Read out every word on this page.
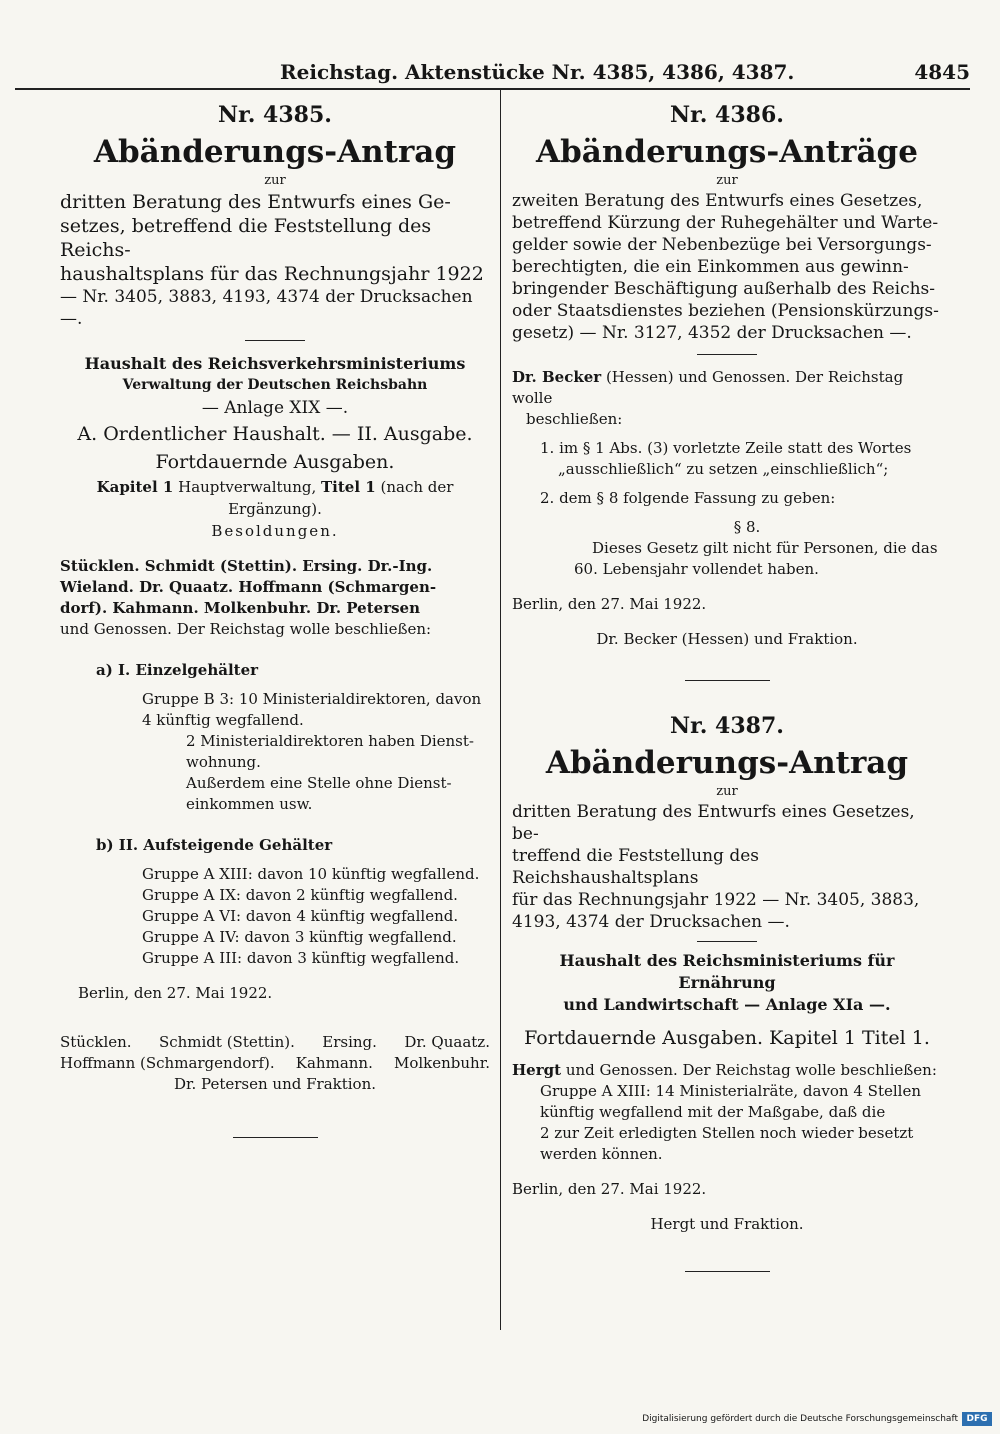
Reichstag. Aktenstücke Nr. 4385, 4386, 4387.	4845
Nr. 4385.
Abänderungs-Antrag
zur
dritten Beratung des Entwurfs eines Ge-
setzes, betreffend die Feststellung des Reichs-
haushaltsplans für das Rechnungsjahr 1922
— Nr. 3405, 3883, 4193, 4374 der Drucksachen —.
Haushalt des Reichsverkehrsministeriums
Verwaltung der Deutschen Reichsbahn
— Anlage XIX —.
A. Ordentlicher Haushalt. — II. Ausgabe.
Fortdauernde Ausgaben.
Kapitel 1 Hauptverwaltung, Titel 1 (nach der Ergänzung).
Besoldungen.
Stücklen. Schmidt (Stettin). Ersing. Dr.-Ing.
Wieland. Dr. Quaatz. Hoffmann (Schmargen-
dorf). Kahmann. Molkenbuhr. Dr. Petersen
und Genossen. Der Reichstag wolle beschließen:
a) I. Einzelgehälter
Gruppe B 3: 10 Ministerialdirektoren, davon
4 künftig wegfallend.
2 Ministerialdirektoren haben Dienst-
wohnung.
Außerdem eine Stelle ohne Dienst-
einkommen usw.
b) II. Aufsteigende Gehälter
Gruppe A XIII: davon 10 künftig wegfallend.
Gruppe A IX: davon 2 künftig wegfallend.
Gruppe A VI: davon 4 künftig wegfallend.
Gruppe A IV: davon 3 künftig wegfallend.
Gruppe A III: davon 3 künftig wegfallend.
Berlin, den 27. Mai 1922.
Stücklen. Schmidt (Stettin). Ersing. Dr. Quaatz.
Hoffmann (Schmargendorf). Kahmann. Molkenbuhr.
Dr. Petersen und Fraktion.
Nr. 4386.
Abänderungs-Anträge
zur
zweiten Beratung des Entwurfs eines Gesetzes,
betreffend Kürzung der Ruhegehälter und Warte-
gelder sowie der Nebenbezüge bei Versorgungs-
berechtigten, die ein Einkommen aus gewinn-
bringender Beschäftigung außerhalb des Reichs-
oder Staatsdienstes beziehen (Pensionskürzungs-
gesetz) — Nr. 3127, 4352 der Drucksachen —.
Dr. Becker (Hessen) und Genossen. Der Reichstag wolle
beschließen:
1. im § 1 Abs. (3) vorletzte Zeile statt des Wortes
„ausschließlich“ zu setzen „einschließlich“;
2. dem § 8 folgende Fassung zu geben:
§ 8.
Dieses Gesetz gilt nicht für Personen, die das
60. Lebensjahr vollendet haben.
Berlin, den 27. Mai 1922.
Dr. Becker (Hessen) und Fraktion.
Nr. 4387.
Abänderungs-Antrag
zur
dritten Beratung des Entwurfs eines Gesetzes, be-
treffend die Feststellung des Reichshaushaltsplans
für das Rechnungsjahr 1922 — Nr. 3405, 3883,
4193, 4374 der Drucksachen —.
Haushalt des Reichsministeriums für Ernährung
und Landwirtschaft — Anlage XIa —.
Fortdauernde Ausgaben. Kapitel 1 Titel 1.
Hergt und Genossen. Der Reichstag wolle beschließen:
Gruppe A XIII: 14 Ministerialräte, davon 4 Stellen
künftig wegfallend mit der Maßgabe, daß die
2 zur Zeit erledigten Stellen noch wieder besetzt
werden können.
Berlin, den 27. Mai 1922.
Hergt und Fraktion.
Digitalisierung gefördert durch die Deutsche Forschungsgemeinschaft DFG
